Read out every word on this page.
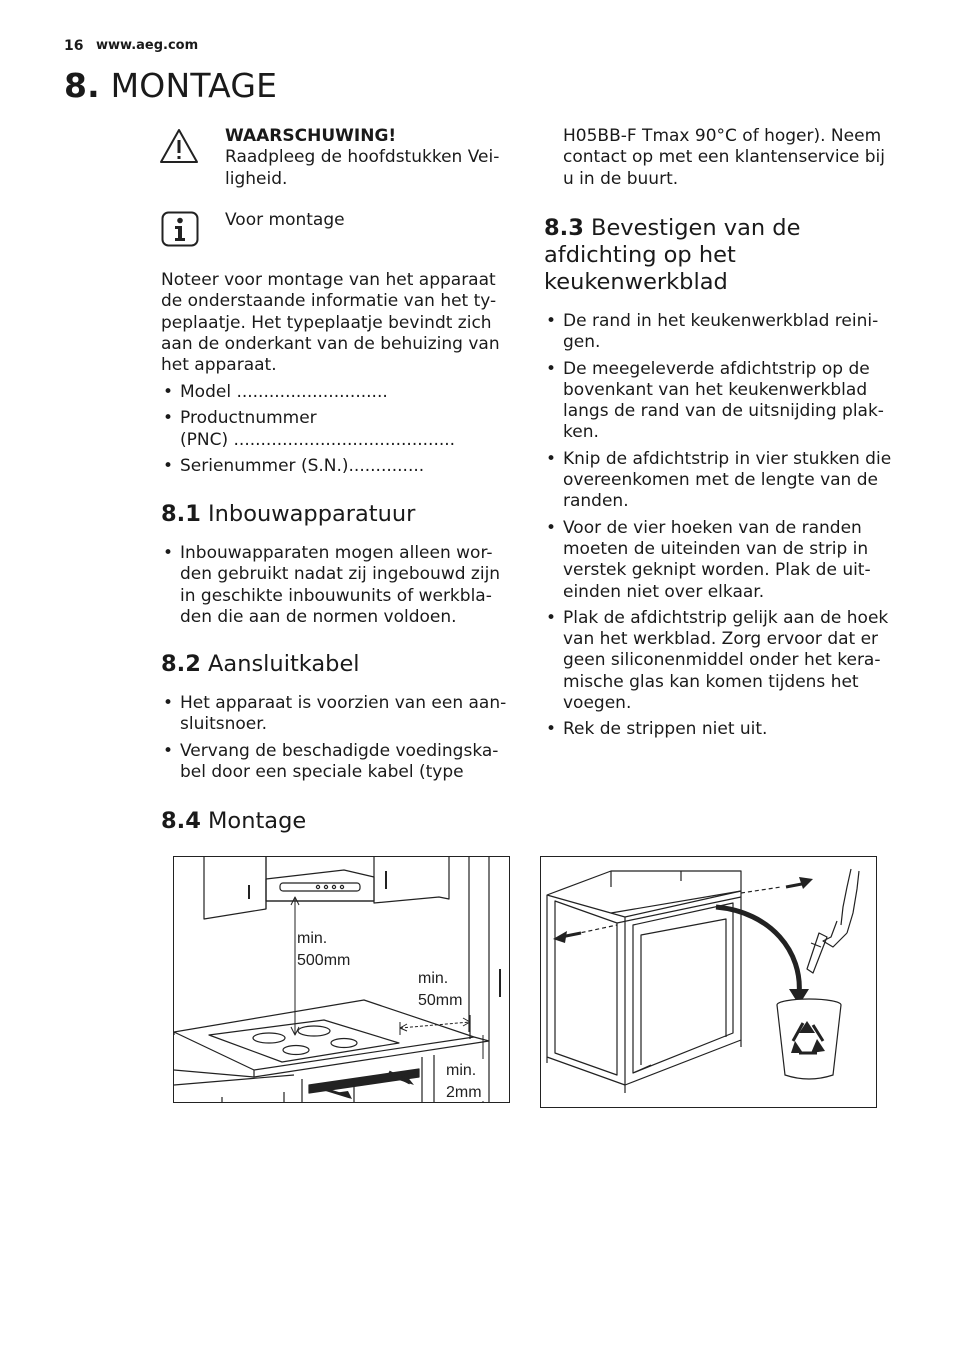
16 www.aeg.com
8. MONTAGE
WAARSCHUWING!
Raadpleeg de hoofdstukken Vei-
ligheid.
Voor montage
Noteer voor montage van het apparaat
de onderstaande informatie van het ty-
peplaatje. Het typeplaatje bevindt zich
aan de onderkant van de behuizing van
het apparaat.
• Model ............................
• Productnummer
(PNC) .........................................
• Serienummer (S.N.)..............
8.1 Inbouwapparatuur
• Inbouwapparaten mogen alleen wor-
den gebruikt nadat zij ingebouwd zijn
in geschikte inbouwunits of werkbla-
den die aan de normen voldoen.
8.2 Aansluitkabel
• Het apparaat is voorzien van een aan-
sluitsnoer.
• Vervang de beschadigde voedingska-
bel door een speciale kabel (type
H05BB-F Tmax 90°C of hoger). Neem
contact op met een klantenservice bij
u in de buurt.
8.3 Bevestigen van de
afdichting op het
keukenwerkblad
• De rand in het keukenwerkblad reini-
gen.
• De meegeleverde afdichtstrip op de
bovenkant van het keukenwerkblad
langs de rand van de uitsnijding plak-
ken.
• Knip de afdichtstrip in vier stukken die
overeenkomen met de lengte van de
randen.
• Voor de vier hoeken van de randen
moeten de uiteinden van de strip in
verstek geknipt worden. Plak de uit-
einden niet over elkaar.
• Plak de afdichtstrip gelijk aan de hoek
van het werkblad. Zorg ervoor dat er
geen siliconenmiddel onder het kera-
mische glas kan komen tijdens het
voegen.
• Rek de strippen niet uit.
8.4 Montage
min.
500mm
min.
50mm
min.
2mm
